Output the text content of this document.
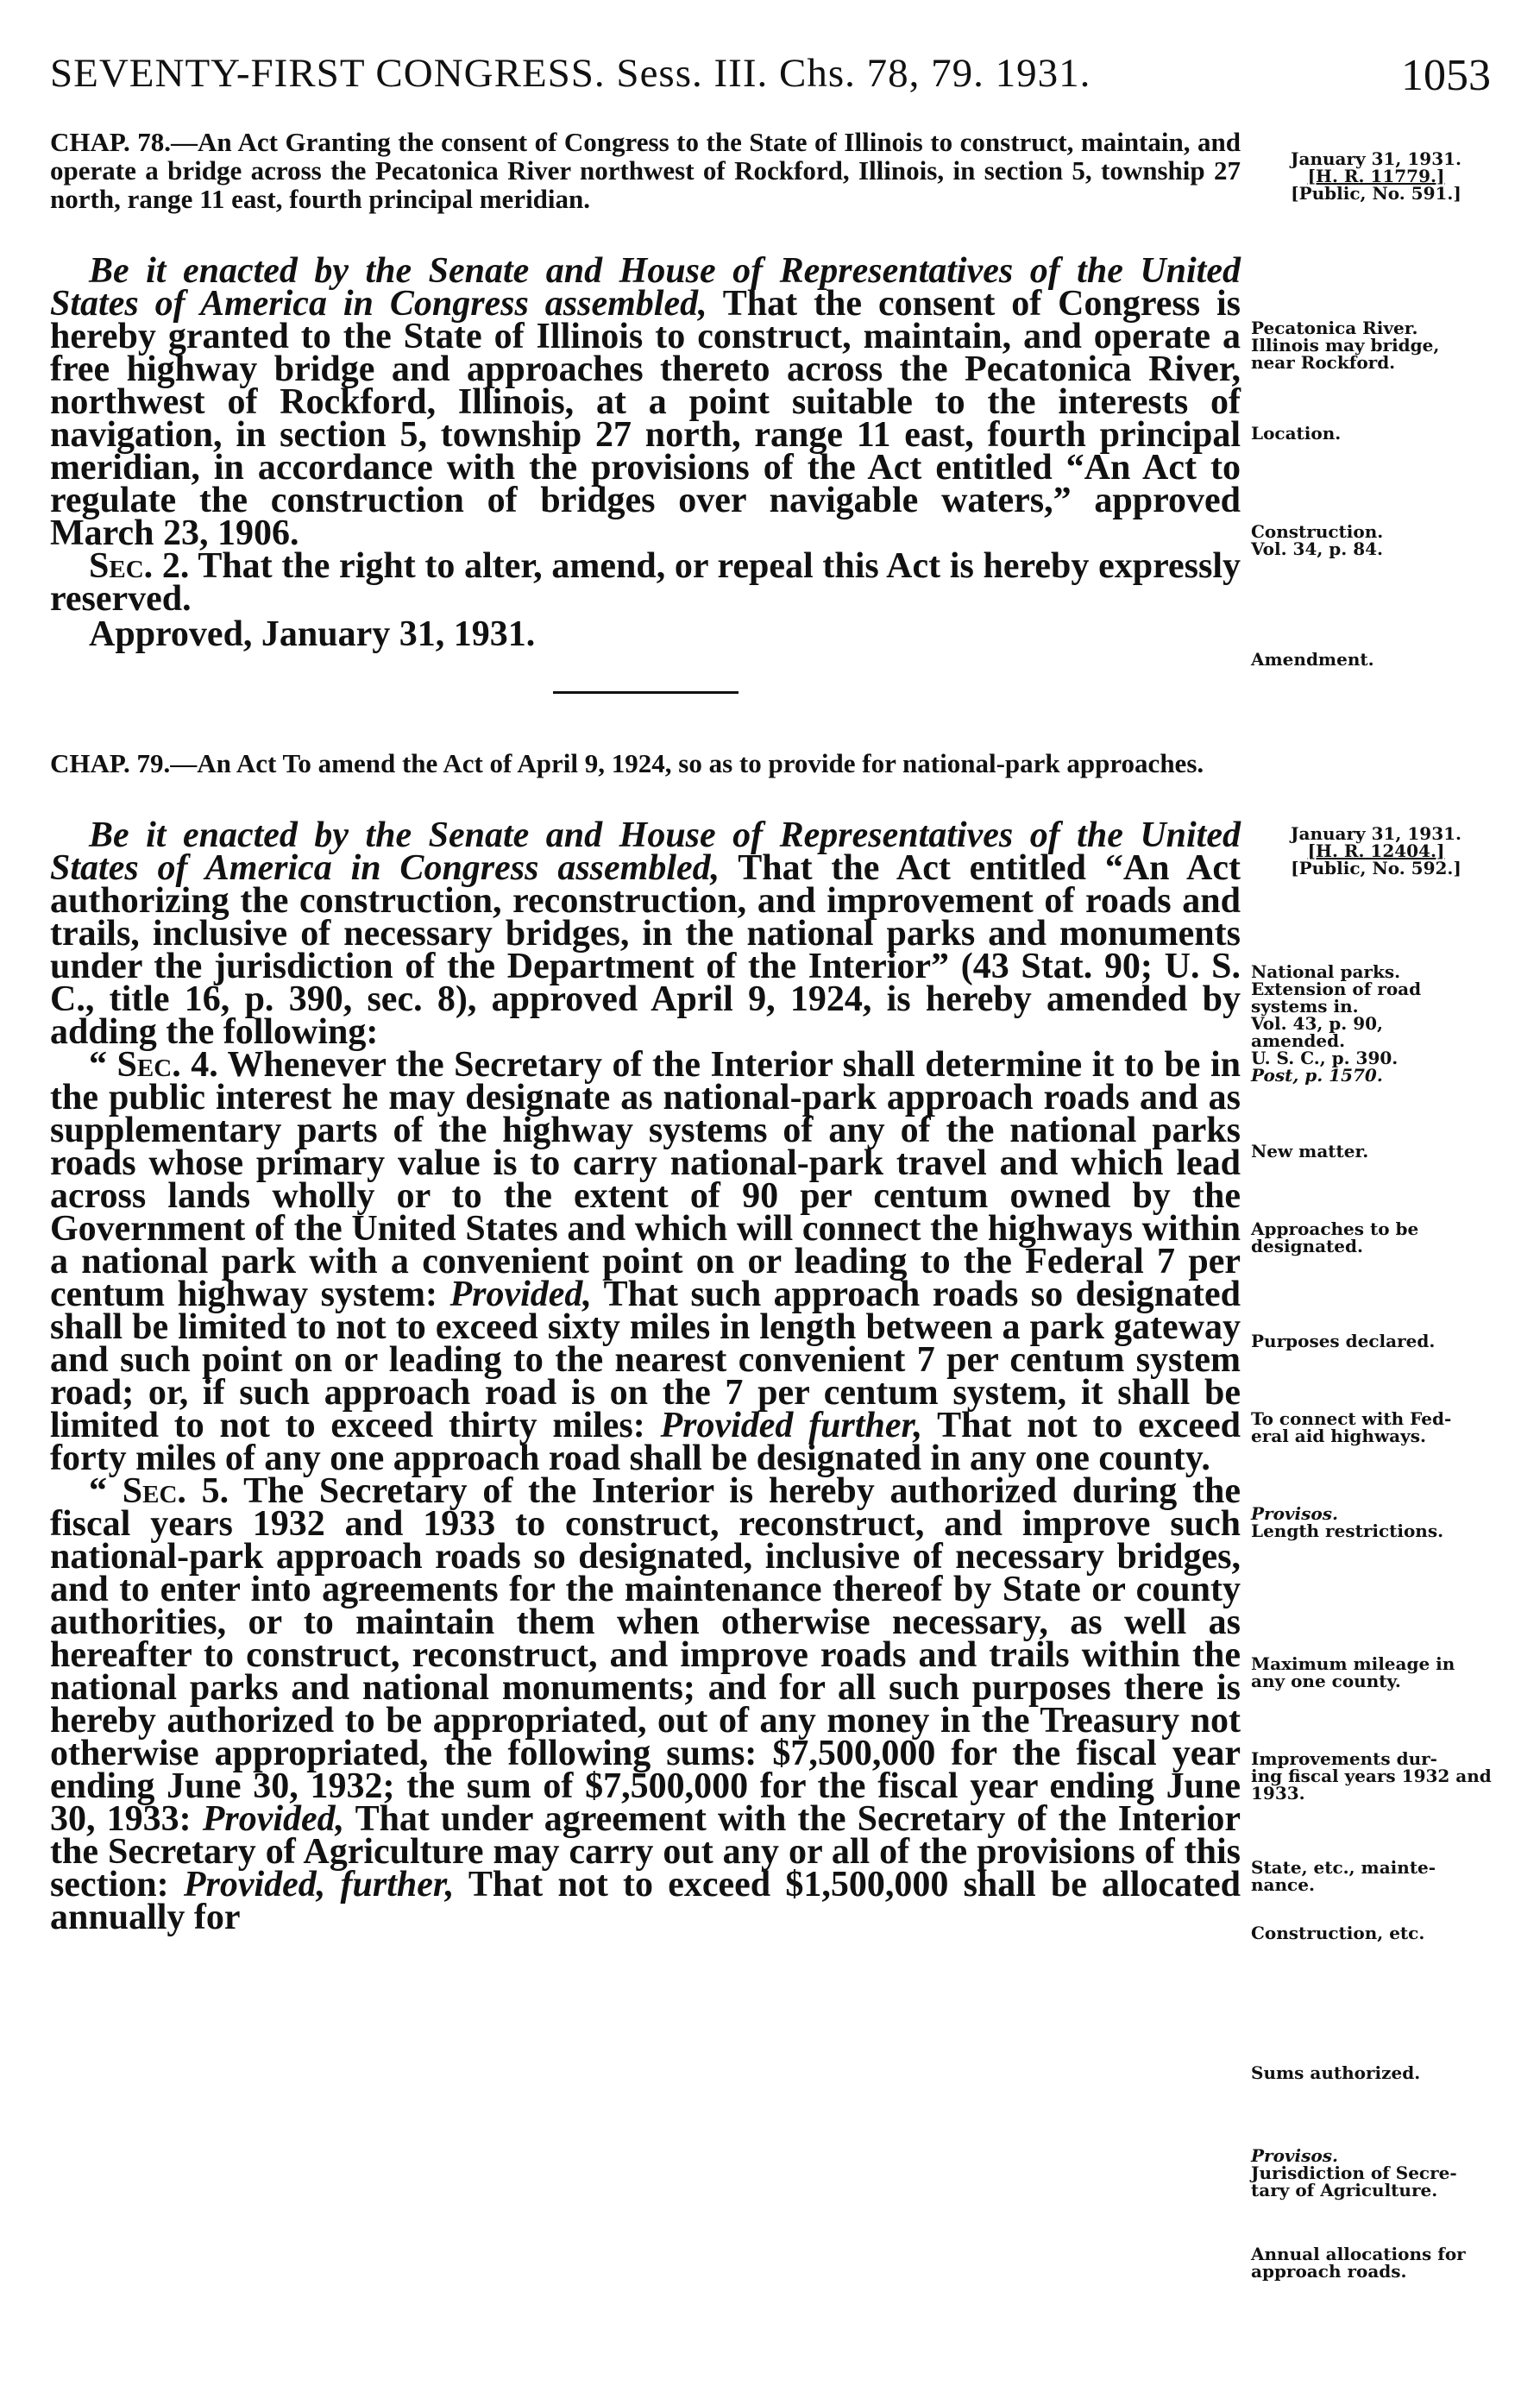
SEVENTY-FIRST CONGRESS. Sess. III. Chs. 78, 79. 1931.	1053
CHAP. 78.—An Act Granting the consent of Congress to the State of Illinois to construct, maintain, and operate a bridge across the Pecatonica River northwest of Rockford, Illinois, in section 5, township 27 north, range 11 east, fourth principal meridian.

Be it enacted by the Senate and House of Representatives of the United States of America in Congress assembled, That the consent of Congress is hereby granted to the State of Illinois to construct, maintain, and operate a free highway bridge and approaches thereto across the Pecatonica River, northwest of Rockford, Illinois, at a point suitable to the interests of navigation, in section 5, township 27 north, range 11 east, fourth principal meridian, in accordance with the provisions of the Act entitled “An Act to regulate the construction of bridges over navigable waters,” approved March 23, 1906.

Sec. 2. That the right to alter, amend, or repeal this Act is hereby expressly reserved.

Approved, January 31, 1931.
CHAP. 79.—An Act To amend the Act of April 9, 1924, so as to provide for national-park approaches.

Be it enacted by the Senate and House of Representatives of the United States of America in Congress assembled, That the Act entitled “An Act authorizing the construction, reconstruction, and improvement of roads and trails, inclusive of necessary bridges, in the national parks and monuments under the jurisdiction of the Department of the Interior” (43 Stat. 90; U. S. C., title 16, p. 390, sec. 8), approved April 9, 1924, is hereby amended by adding the following:

“ Sec. 4. Whenever the Secretary of the Interior shall determine it to be in the public interest he may designate as national-park approach roads and as supplementary parts of the highway systems of any of the national parks roads whose primary value is to carry national-park travel and which lead across lands wholly or to the extent of 90 per centum owned by the Government of the United States and which will connect the highways within a national park with a convenient point on or leading to the Federal 7 per centum highway system: Provided, That such approach roads so designated shall be limited to not to exceed sixty miles in length between a park gateway and such point on or leading to the nearest convenient 7 per centum system road; or, if such approach road is on the 7 per centum system, it shall be limited to not to exceed thirty miles: Provided further, That not to exceed forty miles of any one approach road shall be designated in any one county.

“ Sec. 5. The Secretary of the Interior is hereby authorized during the fiscal years 1932 and 1933 to construct, reconstruct, and improve such national-park approach roads so designated, inclusive of necessary bridges, and to enter into agreements for the maintenance thereof by State or county authorities, or to maintain them when otherwise necessary, as well as hereafter to construct, reconstruct, and improve roads and trails within the national parks and national monuments; and for all such purposes there is hereby authorized to be appropriated, out of any money in the Treasury not otherwise appropriated, the following sums: $7,500,000 for the fiscal year ending June 30, 1932; the sum of $7,500,000 for the fiscal year ending June 30, 1933: Provided, That under agreement with the Secretary of the Interior the Secretary of Agriculture may carry out any or all of the provisions of this section: Provided, further, That not to exceed $1,500,000 shall be allocated annually for

January 31, 1931.
[H. R. 11779.]
[Public, No. 591.]
Pecatonica River.
Illinois may bridge,
near Rockford.
Location.
Construction.
Vol. 34, p. 84.
Amendment.
January 31, 1931.
[H. R. 12404.]
[Public, No. 592.]
National parks.
Extension of road
systems in.
Vol. 43, p. 90,
amended.
U. S. C., p. 390.
Post, p. 1570.
New matter.
Approaches to be
designated.
Purposes declared.
To connect with Fed-
eral aid highways.
Provisos.
Length restrictions.
Maximum mileage in
any one county.
Improvements dur-
ing fiscal years 1932 and
1933.
State, etc., mainte-
nance.
Construction, etc.
Sums authorized.
Provisos.
Jurisdiction of Secre-
tary of Agriculture.
Annual allocations for
approach roads.
